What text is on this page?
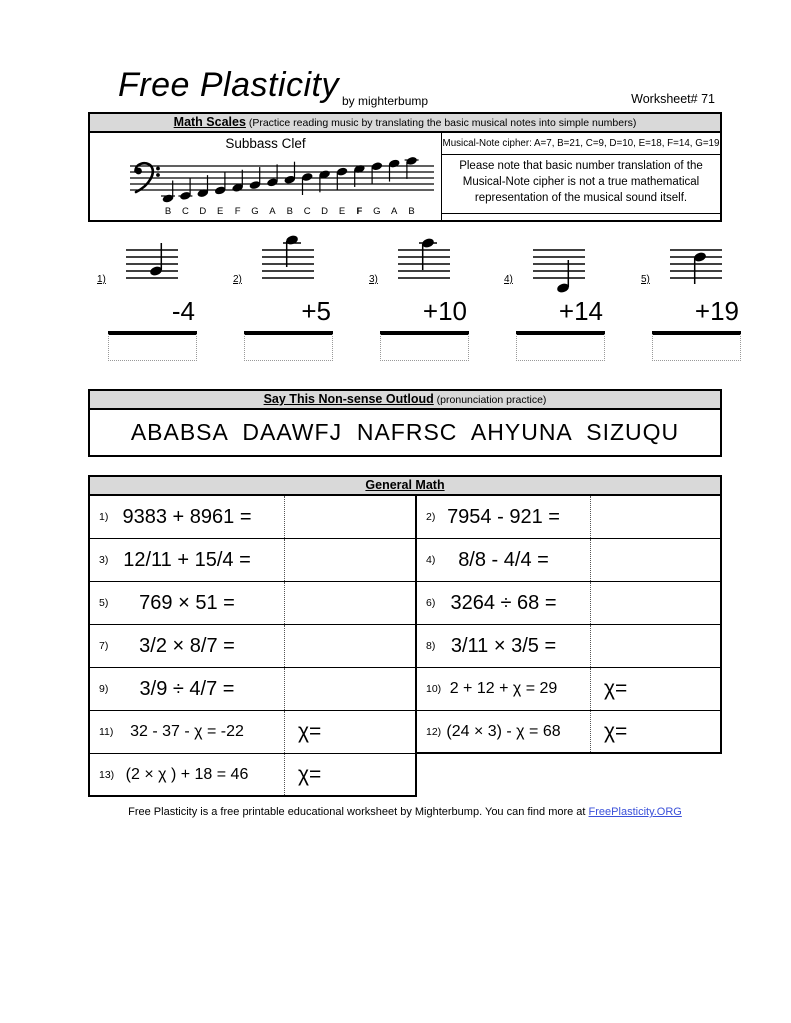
Free Plasticity by mighterbump	Worksheet# 71
Math Scales (Practice reading music by translating the basic musical notes into simple numbers)
Subbass Clef
B C D E F G A B C D E F G A B
Musical-Note cipher: A=7, B=21, C=9, D=10, E=18, F=14, G=19
Please note that basic number translation of the Musical-Note cipher is not a true mathematical representation of the musical sound itself.
1)
-4
2)
+5
3)
+10
4)
+14
5)
+19
Say This Non-sense Outloud (pronunciation practice)
ABABSA  DAAWFJ  NAFRSC  AHYUNA  SIZUQU
General Math
1) 9383 + 8961 =	2) 7954 - 921 =
3) 12/11 + 15/4 =	4) 8/8 - 4/4 =
5) 769 × 51 =	6) 3264 ÷ 68 =
7) 3/2 × 8/7 =	8) 3/11 × 3/5 =
9) 3/9 ÷ 4/7 =	10) 2 + 12 + χ = 29	χ=
11) 32 - 37 - χ = -22	χ=	12) (24 × 3) - χ = 68	χ=
13) (2 × χ ) + 18 = 46	χ=
Free Plasticity is a free printable educational worksheet by Mighterbump. You can find more at FreePlasticity.ORG
